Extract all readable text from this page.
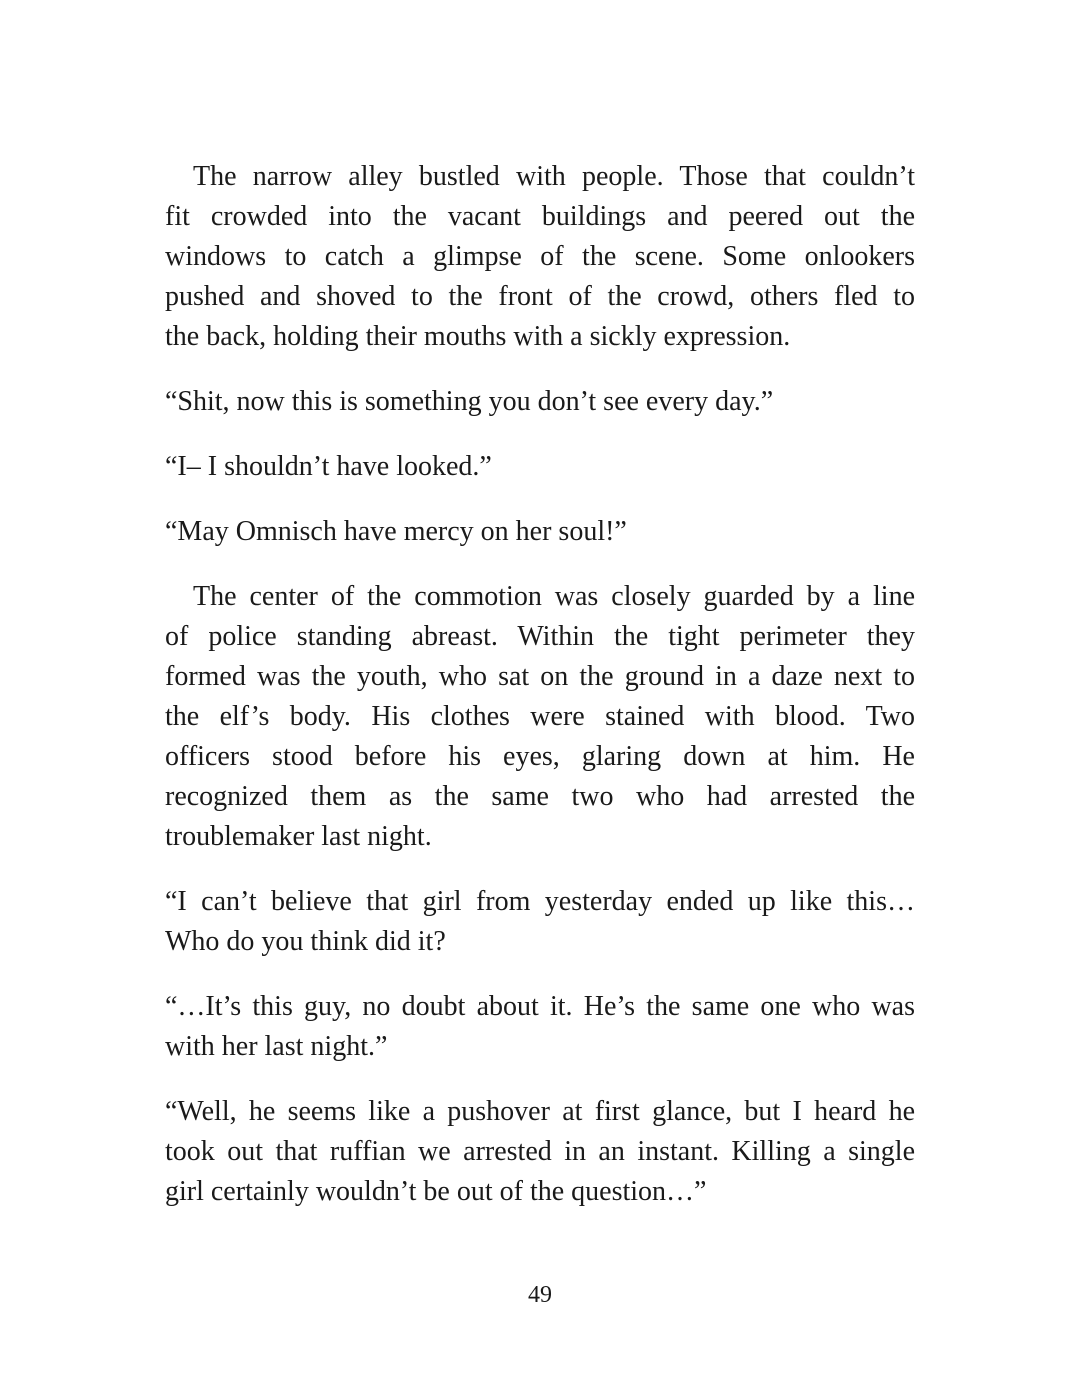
The narrow alley bustled with people. Those that couldn’t
fit crowded into the vacant buildings and peered out the
windows to catch a glimpse of the scene. Some onlookers
pushed and shoved to the front of the crowd, others fled to
the back, holding their mouths with a sickly expression.
“Shit, now this is something you don’t see every day.”
“I– I shouldn’t have looked.”
“May Omnisch have mercy on her soul!”
The center of the commotion was closely guarded by a line
of police standing abreast. Within the tight perimeter they
formed was the youth, who sat on the ground in a daze next to
the elf’s body. His clothes were stained with blood. Two
officers stood before his eyes, glaring down at him. He
recognized them as the same two who had arrested the
troublemaker last night.
“I can’t believe that girl from yesterday ended up like this…
Who do you think did it?
“…It’s this guy, no doubt about it. He’s the same one who was
with her last night.”
“Well, he seems like a pushover at first glance, but I heard he
took out that ruffian we arrested in an instant. Killing a single
girl certainly wouldn’t be out of the question…”
49
